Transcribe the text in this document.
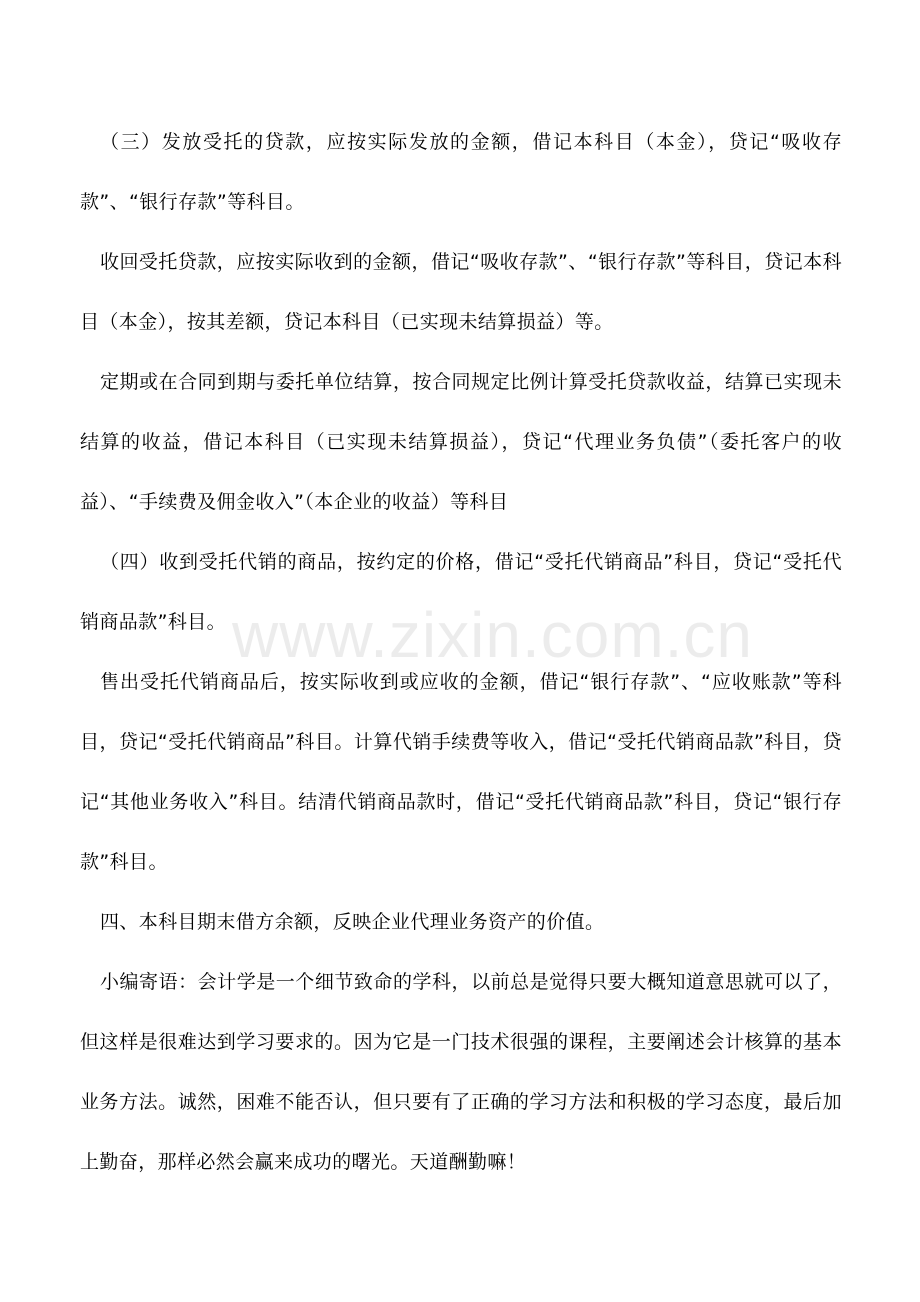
（三）发放受托的贷款，应按实际发放的金额，借记本科目（本金），贷记“吸收存款”、“银行存款”等科目。

收回受托贷款，应按实际收到的金额，借记“吸收存款”、“银行存款”等科目，贷记本科目（本金），按其差额，贷记本科目（已实现未结算损益）等。

定期或在合同到期与委托单位结算，按合同规定比例计算受托贷款收益，结算已实现未结算的收益，借记本科目（已实现未结算损益），贷记“代理业务负债”（委托客户的收益）、“手续费及佣金收入”（本企业的收益）等科目

（四）收到受托代销的商品，按约定的价格，借记“受托代销商品”科目，贷记“受托代销商品款”科目。

售出受托代销商品后，按实际收到或应收的金额，借记“银行存款”、“应收账款”等科目，贷记“受托代销商品”科目。计算代销手续费等收入，借记“受托代销商品款”科目，贷记“其他业务收入”科目。结清代销商品款时，借记“受托代销商品款”科目，贷记“银行存款”科目。

四、本科目期末借方余额，反映企业代理业务资产的价值。

小编寄语：会计学是一个细节致命的学科，以前总是觉得只要大概知道意思就可以了，但这样是很难达到学习要求的。因为它是一门技术很强的课程，主要阐述会计核算的基本业务方法。诚然，困难不能否认，但只要有了正确的学习方法和积极的学习态度，最后加上勤奋，那样必然会赢来成功的曙光。天道酬勤嘛！

www.zixin.com.cn
